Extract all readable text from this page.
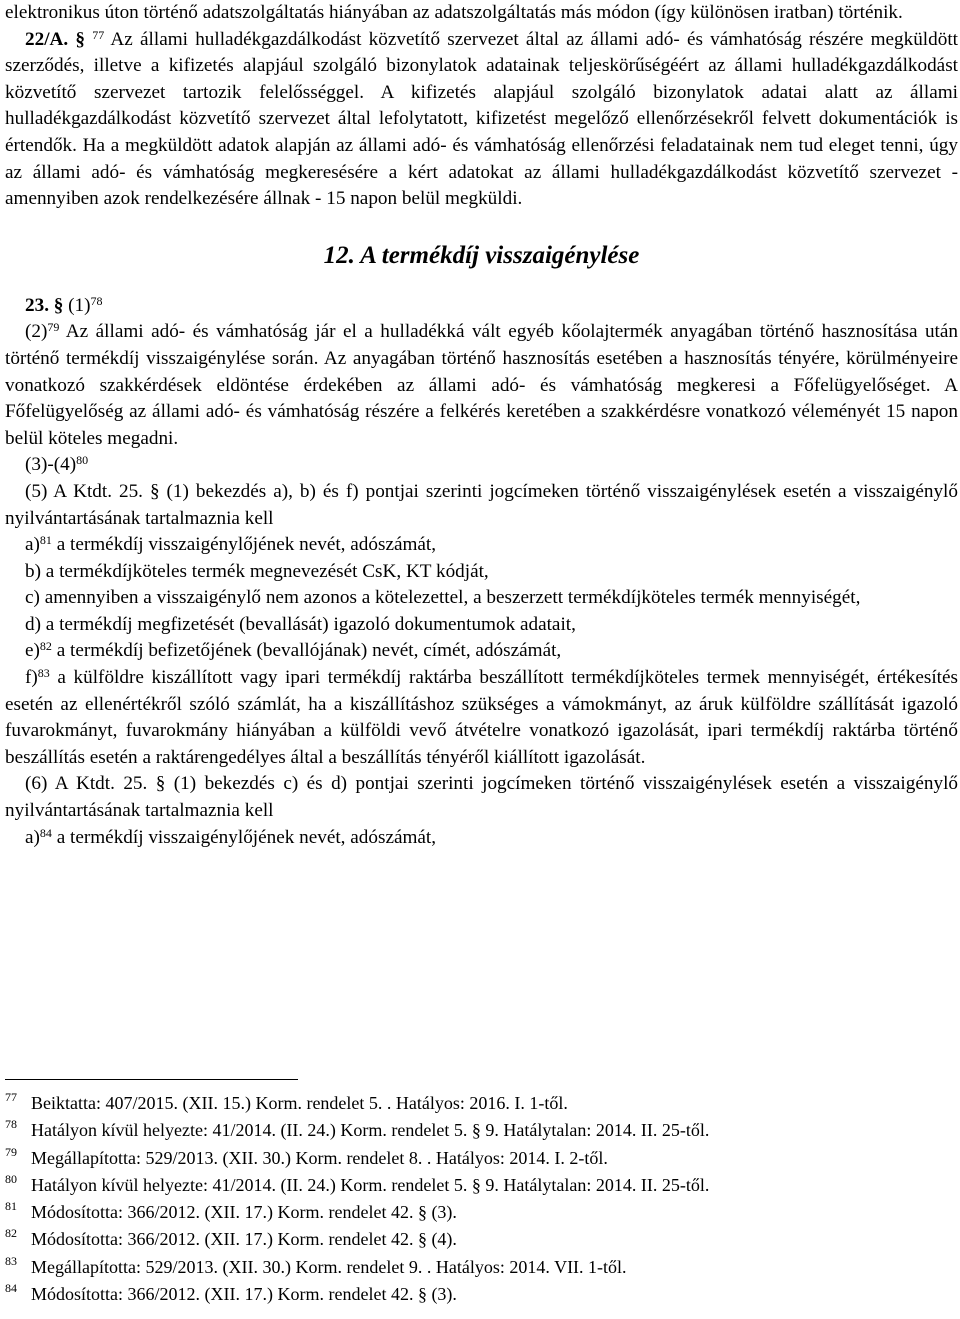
elektronikus úton történő adatszolgáltatás hiányában az adatszolgáltatás más módon (így különösen iratban) történik.

22/A. § $^{77}$ Az állami hulladékgazdálkodást közvetítő szervezet által az állami adó- és vámhatóság részére megküldött szerződés, illetve a kifizetés alapjául szolgáló bizonylatok adatainak teljeskörűségéért az állami hulladékgazdálkodást közvetítő szervezet tartozik felelősséggel. A kifizetés alapjául szolgáló bizonylatok adatai alatt az állami hulladékgazdálkodást közvetítő szervezet által lefolytatott, kifizetést megelőző ellenőrzésekről felvett dokumentációk is értendők. Ha a megküldött adatok alapján az állami adó- és vámhatóság ellenőrzési feladatainak nem tud eleget tenni, úgy az állami adó- és vámhatóság megkeresésére a kért adatokat az állami hulladékgazdálkodást közvetítő szervezet - amennyiben azok rendelkezésére állnak - 15 napon belül megküldi.

12. A termékdíj visszaigénylése

23. § $(1)^{78}$

$(2)^{79}$ Az állami adó- és vámhatóság jár el a hulladékká vált egyéb kőolajtermék anyagában történő hasznosítása után történő termékdíj visszaigénylése során. Az anyagában történő hasznosítás esetében a hasznosítás tényére, körülményeire vonatkozó szakkérdések eldöntése érdekében az állami adó- és vámhatóság megkeresi a Főfelügyelőséget. A Főfelügyelőség az állami adó- és vámhatóság részére a felkérés keretében a szakkérdésre vonatkozó véleményét 15 napon belül köteles megadni.

$(3)-(4)^{80}$

(5) A Ktdt. 25. § (1) bekezdés a), b) és f) pontjai szerinti jogcímeken történő visszaigénylések esetén a visszaigénylő nyilvántartásának tartalmaznia kell

a)$^{81}$ a termékdíj visszaigénylőjének nevét, adószámát,

b) a termékdíjköteles termék megnevezését CsK, KT kódját,

c) amennyiben a visszaigénylő nem azonos a kötelezettel, a beszerzett termékdíjköteles termék mennyiségét,

d) a termékdíj megfizetését (bevallását) igazoló dokumentumok adatait,

e)$^{82}$ a termékdíj befizetőjének (bevallójának) nevét, címét, adószámát,

f)$^{83}$ a külföldre kiszállított vagy ipari termékdíj raktárba beszállított termékdíjköteles termek mennyiségét, értékesítés esetén az ellenértékről szóló számlát, ha a kiszállításhoz szükséges a vámokmányt, az áruk külföldre szállítását igazoló fuvarokmányt, fuvarokmány hiányában a külföldi vevő átvételre vonatkozó igazolását, ipari termékdíj raktárba történő beszállítás esetén a raktárengedélyes által a beszállítás tényéről kiállított igazolását.

(6) A Ktdt. 25. § (1) bekezdés c) és d) pontjai szerinti jogcímeken történő visszaigénylések esetén a visszaigénylő nyilvántartásának tartalmaznia kell

a)$^{84}$ a termékdíj visszaigénylőjének nevét, adószámát,

77 Beiktatta: 407/2015. (XII. 15.) Korm. rendelet 5. . Hatályos: 2016. I. 1-től.
78 Hatályon kívül helyezte: 41/2014. (II. 24.) Korm. rendelet 5. § 9. Hatálytalan: 2014. II. 25-től.
79 Megállapította: 529/2013. (XII. 30.) Korm. rendelet 8. . Hatályos: 2014. I. 2-től.
80 Hatályon kívül helyezte: 41/2014. (II. 24.) Korm. rendelet 5. § 9. Hatálytalan: 2014. II. 25-től.
81 Módosította: 366/2012. (XII. 17.) Korm. rendelet 42. § (3).
82 Módosította: 366/2012. (XII. 17.) Korm. rendelet 42. § (4).
83 Megállapította: 529/2013. (XII. 30.) Korm. rendelet 9. . Hatályos: 2014. VII. 1-től.
84 Módosította: 366/2012. (XII. 17.) Korm. rendelet 42. § (3).
